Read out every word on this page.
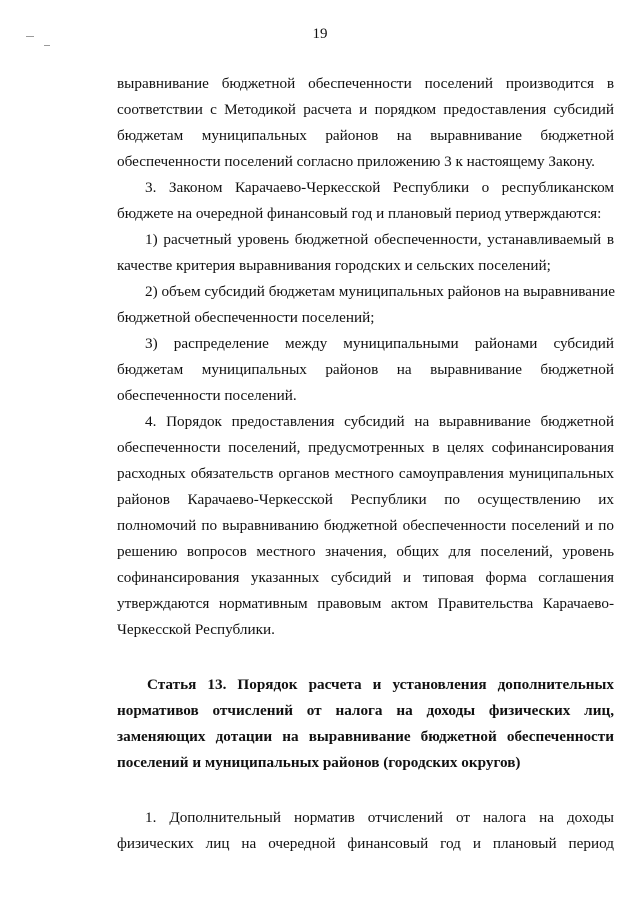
19
выравнивание бюджетной обеспеченности поселений производится в
соответствии с Методикой расчета и порядком предоставления субсидий
бюджетам муниципальных районов на выравнивание бюджетной
обеспеченности поселений согласно приложению 3 к настоящему Закону.
3. Законом Карачаево-Черкесской Республики о республиканском
бюджете на очередной финансовый год и плановый период утверждаются:
1) расчетный уровень бюджетной обеспеченности, устанавливаемый в
качестве критерия выравнивания городских и сельских поселений;
2) объем субсидий бюджетам муниципальных районов на выравнивание
бюджетной обеспеченности поселений;
3) распределение между муниципальными районами субсидий
бюджетам муниципальных районов на выравнивание бюджетной
обеспеченности поселений.
4. Порядок предоставления субсидий на выравнивание бюджетной
обеспеченности поселений, предусмотренных в целях софинансирования
расходных обязательств органов местного самоуправления муниципальных
районов Карачаево-Черкесской Республики по осуществлению их
полномочий по выравниванию бюджетной обеспеченности поселений и по
решению вопросов местного значения, общих для поселений, уровень
софинансирования указанных субсидий и типовая форма соглашения
утверждаются нормативным правовым актом Правительства Карачаево-
Черкесской Республики.
Статья 13. Порядок расчета и установления дополнительных
нормативов отчислений от налога на доходы физических лиц,
заменяющих дотации на выравнивание бюджетной обеспеченности
поселений и муниципальных районов (городских округов)
1. Дополнительный норматив отчислений от налога на доходы
физических лиц на очередной финансовый год и плановый период
